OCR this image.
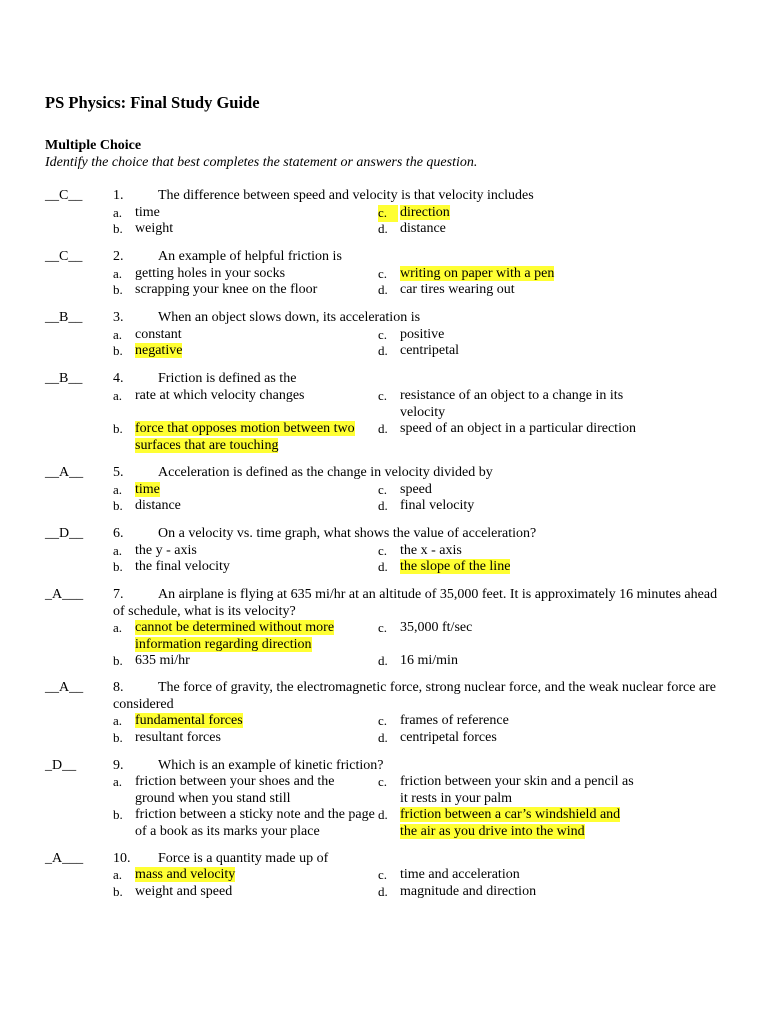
PS Physics: Final Study Guide
Multiple Choice
Identify the choice that best completes the statement or answers the question.
__C__ 1. The difference between speed and velocity is that velocity includes
a. time
b. weight
c. direction
d. distance
__C__ 2. An example of helpful friction is
a. getting holes in your socks
b. scrapping your knee on the floor
c. writing on paper with a pen
d. car tires wearing out
__B__ 3. When an object slows down, its acceleration is
a. constant
b. negative
c. positive
d. centripetal
__B__ 4. Friction is defined as the
a. rate at which velocity changes
b. force that opposes motion between two surfaces that are touching
c. resistance of an object to a change in its velocity
d. speed of an object in a particular direction
__A__ 5. Acceleration is defined as the change in velocity divided by
a. time
b. distance
c. speed
d. final velocity
__D__ 6. On a velocity vs. time graph, what shows the value of acceleration?
a. the y - axis
b. the final velocity
c. the x - axis
d. the slope of the line
_A___ 7.	An airplane is flying at 635 mi/hr at an altitude of 35,000 feet. It is approximately 16 minutes ahead of schedule, what is its velocity?
a. cannot be determined without more information regarding direction
b. 635 mi/hr
c. 35,000 ft/sec
d. 16 mi/min
__A__ 8.	The force of gravity, the electromagnetic force, strong nuclear force, and the weak nuclear force are considered
a. fundamental forces
b. resultant forces
c. frames of reference
d. centripetal forces
_D__	9. Which is an example of kinetic friction?
a. friction between your shoes and the ground when you stand still
b. friction between a sticky note and the page of a book as its marks your place
c. friction between your skin and a pencil as it rests in your palm
d. friction between a car’s windshield and the air as you drive into the wind
_A___ 10. Force is a quantity made up of
a. mass and velocity
b. weight and speed
c. time and acceleration
d. magnitude and direction
